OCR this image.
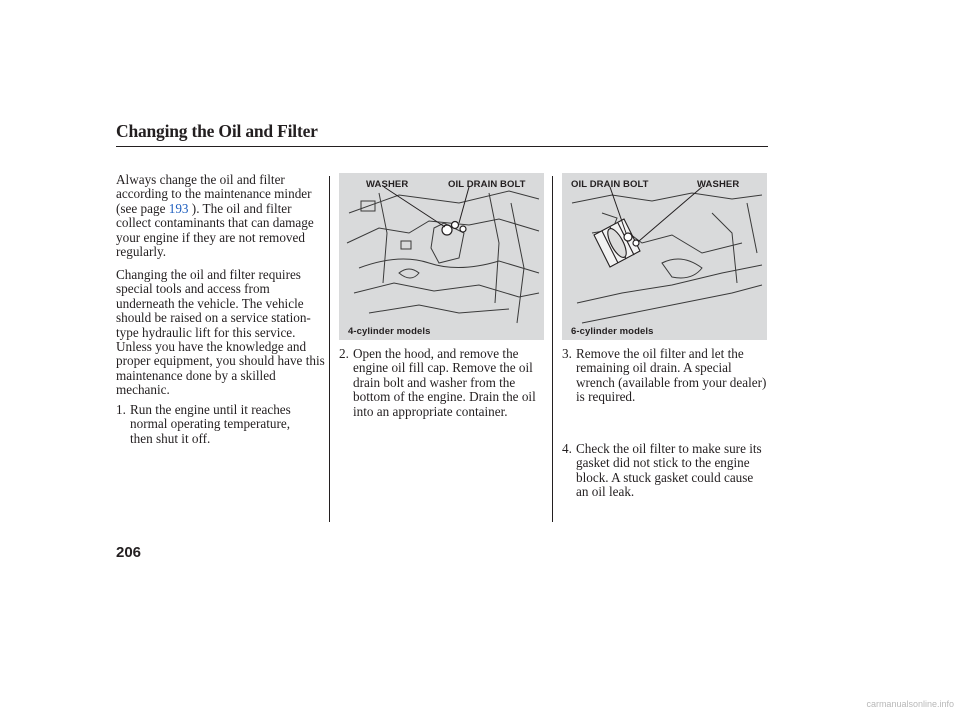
Changing the Oil and Filter

Always change the oil and filter according to the maintenance minder (see page 193 ). The oil and filter collect contaminants that can damage your engine if they are not removed regularly.

Changing the oil and filter requires special tools and access from underneath the vehicle. The vehicle should be raised on a service station-type hydraulic lift for this service. Unless you have the knowledge and proper equipment, you should have this maintenance done by a skilled mechanic.

1. Run the engine until it reaches normal operating temperature, then shut it off.
WASHER	OIL DRAIN BOLT
4-cylinder models
2. Open the hood, and remove the engine oil fill cap. Remove the oil drain bolt and washer from the bottom of the engine. Drain the oil into an appropriate container.
OIL DRAIN BOLT	WASHER
6-cylinder models
3. Remove the oil filter and let the remaining oil drain. A special wrench (available from your dealer) is required.
4. Check the oil filter to make sure its gasket did not stick to the engine block. A stuck gasket could cause an oil leak.
206
carmanualsonline.info
